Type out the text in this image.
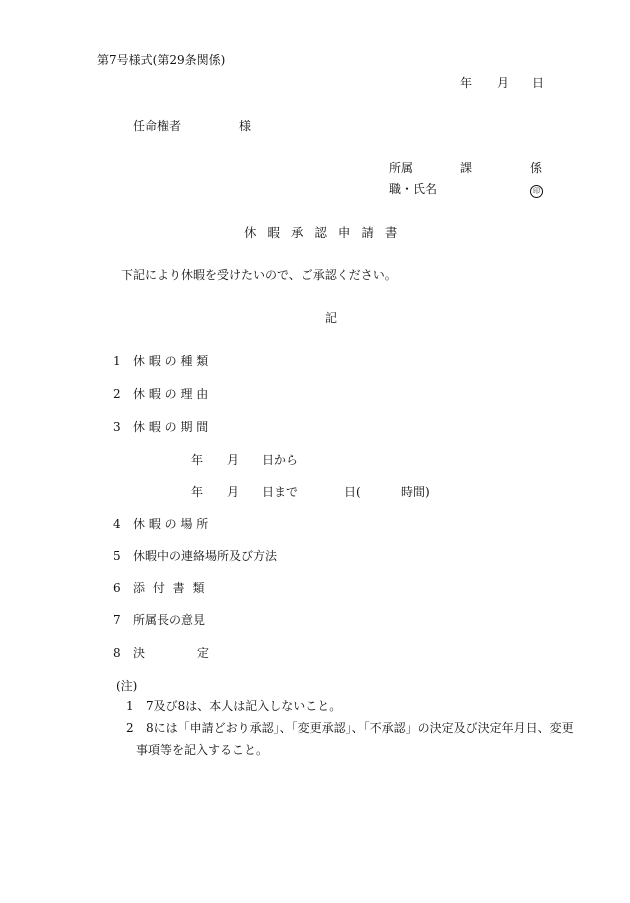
第7号様式(第29条関係)
年 月 日
任命権者	様
所属	課	係
職・氏名	印
休 暇 承 認 申 請 書
下記により休暇を受けたいので、ご承認ください。
記
1 休 暇 の 種 類
2 休 暇 の 理 由
3 休 暇 の 期 間
年 月 日から
年 月 日まで	日(	時間)
4 休 暇 の 場 所
5 休暇中の連絡場所及び方法
6 添 付 書 類
7 所属長の意見
8 決　　　定
(注)
1 7及び8は、本人は記入しないこと。
2 8には「申請どおり承認」、「変更承認」、「不承認」の決定及び決定年月日、変更
事項等を記入すること。
